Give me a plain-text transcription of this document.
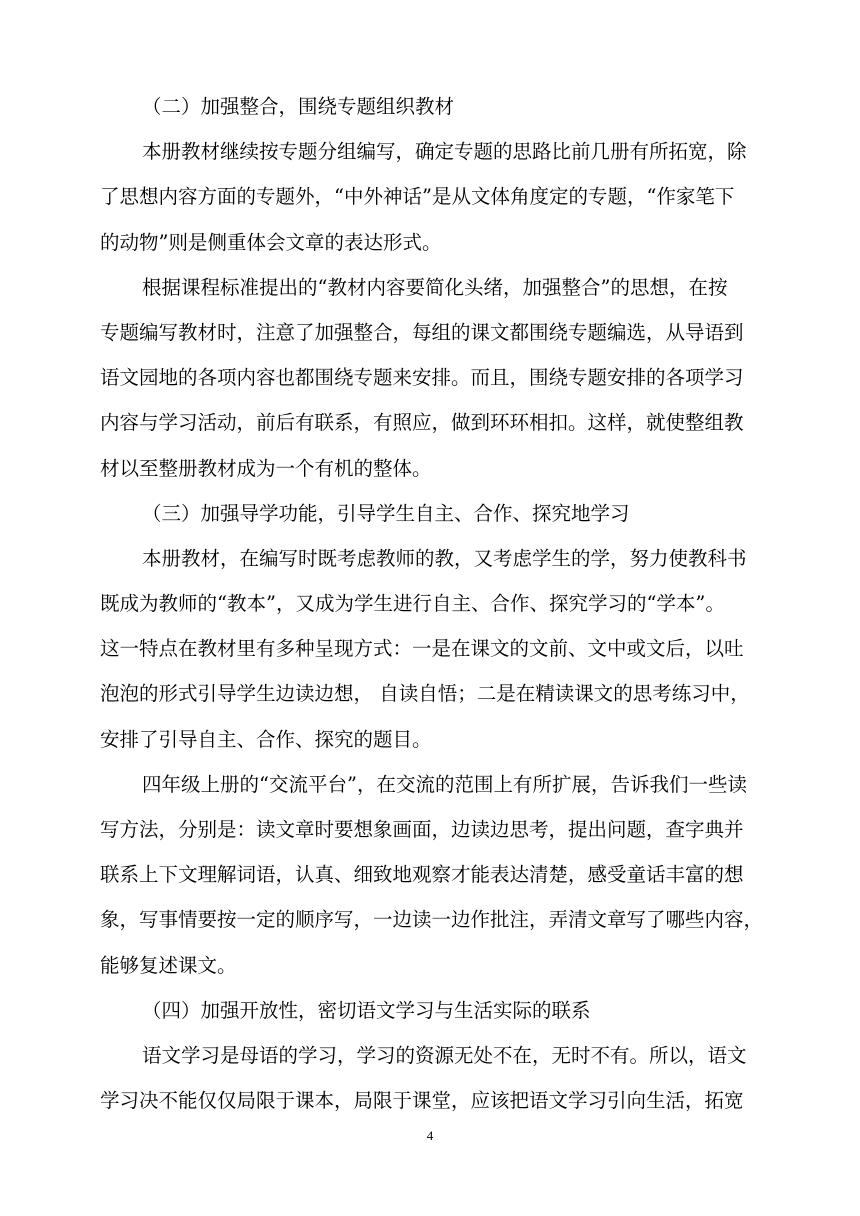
（二）加强整合，围绕专题组织教材
本册教材继续按专题分组编写，确定专题的思路比前几册有所拓宽，除
了思想内容方面的专题外，“中外神话”是从文体角度定的专题，“作家笔下
的动物”则是侧重体会文章的表达形式。
根据课程标准提出的“教材内容要简化头绪，加强整合”的思想，在按
专题编写教材时，注意了加强整合，每组的课文都围绕专题编选，从导语到
语文园地的各项内容也都围绕专题来安排。而且，围绕专题安排的各项学习
内容与学习活动，前后有联系，有照应，做到环环相扣。这样，就使整组教
材以至整册教材成为一个有机的整体。
（三）加强导学功能，引导学生自主、合作、探究地学习
本册教材，在编写时既考虑教师的教，又考虑学生的学，努力使教科书
既成为教师的“教本”，又成为学生进行自主、合作、探究学习的“学本”。
这一特点在教材里有多种呈现方式：一是在课文的文前、文中或文后，以吐
泡泡的形式引导学生边读边想， 自读自悟；二是在精读课文的思考练习中，
安排了引导自主、合作、探究的题目。
四年级上册的“交流平台”，在交流的范围上有所扩展，告诉我们一些读
写方法，分别是：读文章时要想象画面，边读边思考，提出问题，查字典并
联系上下文理解词语，认真、细致地观察才能表达清楚，感受童话丰富的想
象，写事情要按一定的顺序写，一边读一边作批注，弄清文章写了哪些内容，
能够复述课文。
（四）加强开放性，密切语文学习与生活实际的联系
语文学习是母语的学习，学习的资源无处不在，无时不有。所以，语文
学习决不能仅仅局限于课本，局限于课堂，应该把语文学习引向生活，拓宽
4
